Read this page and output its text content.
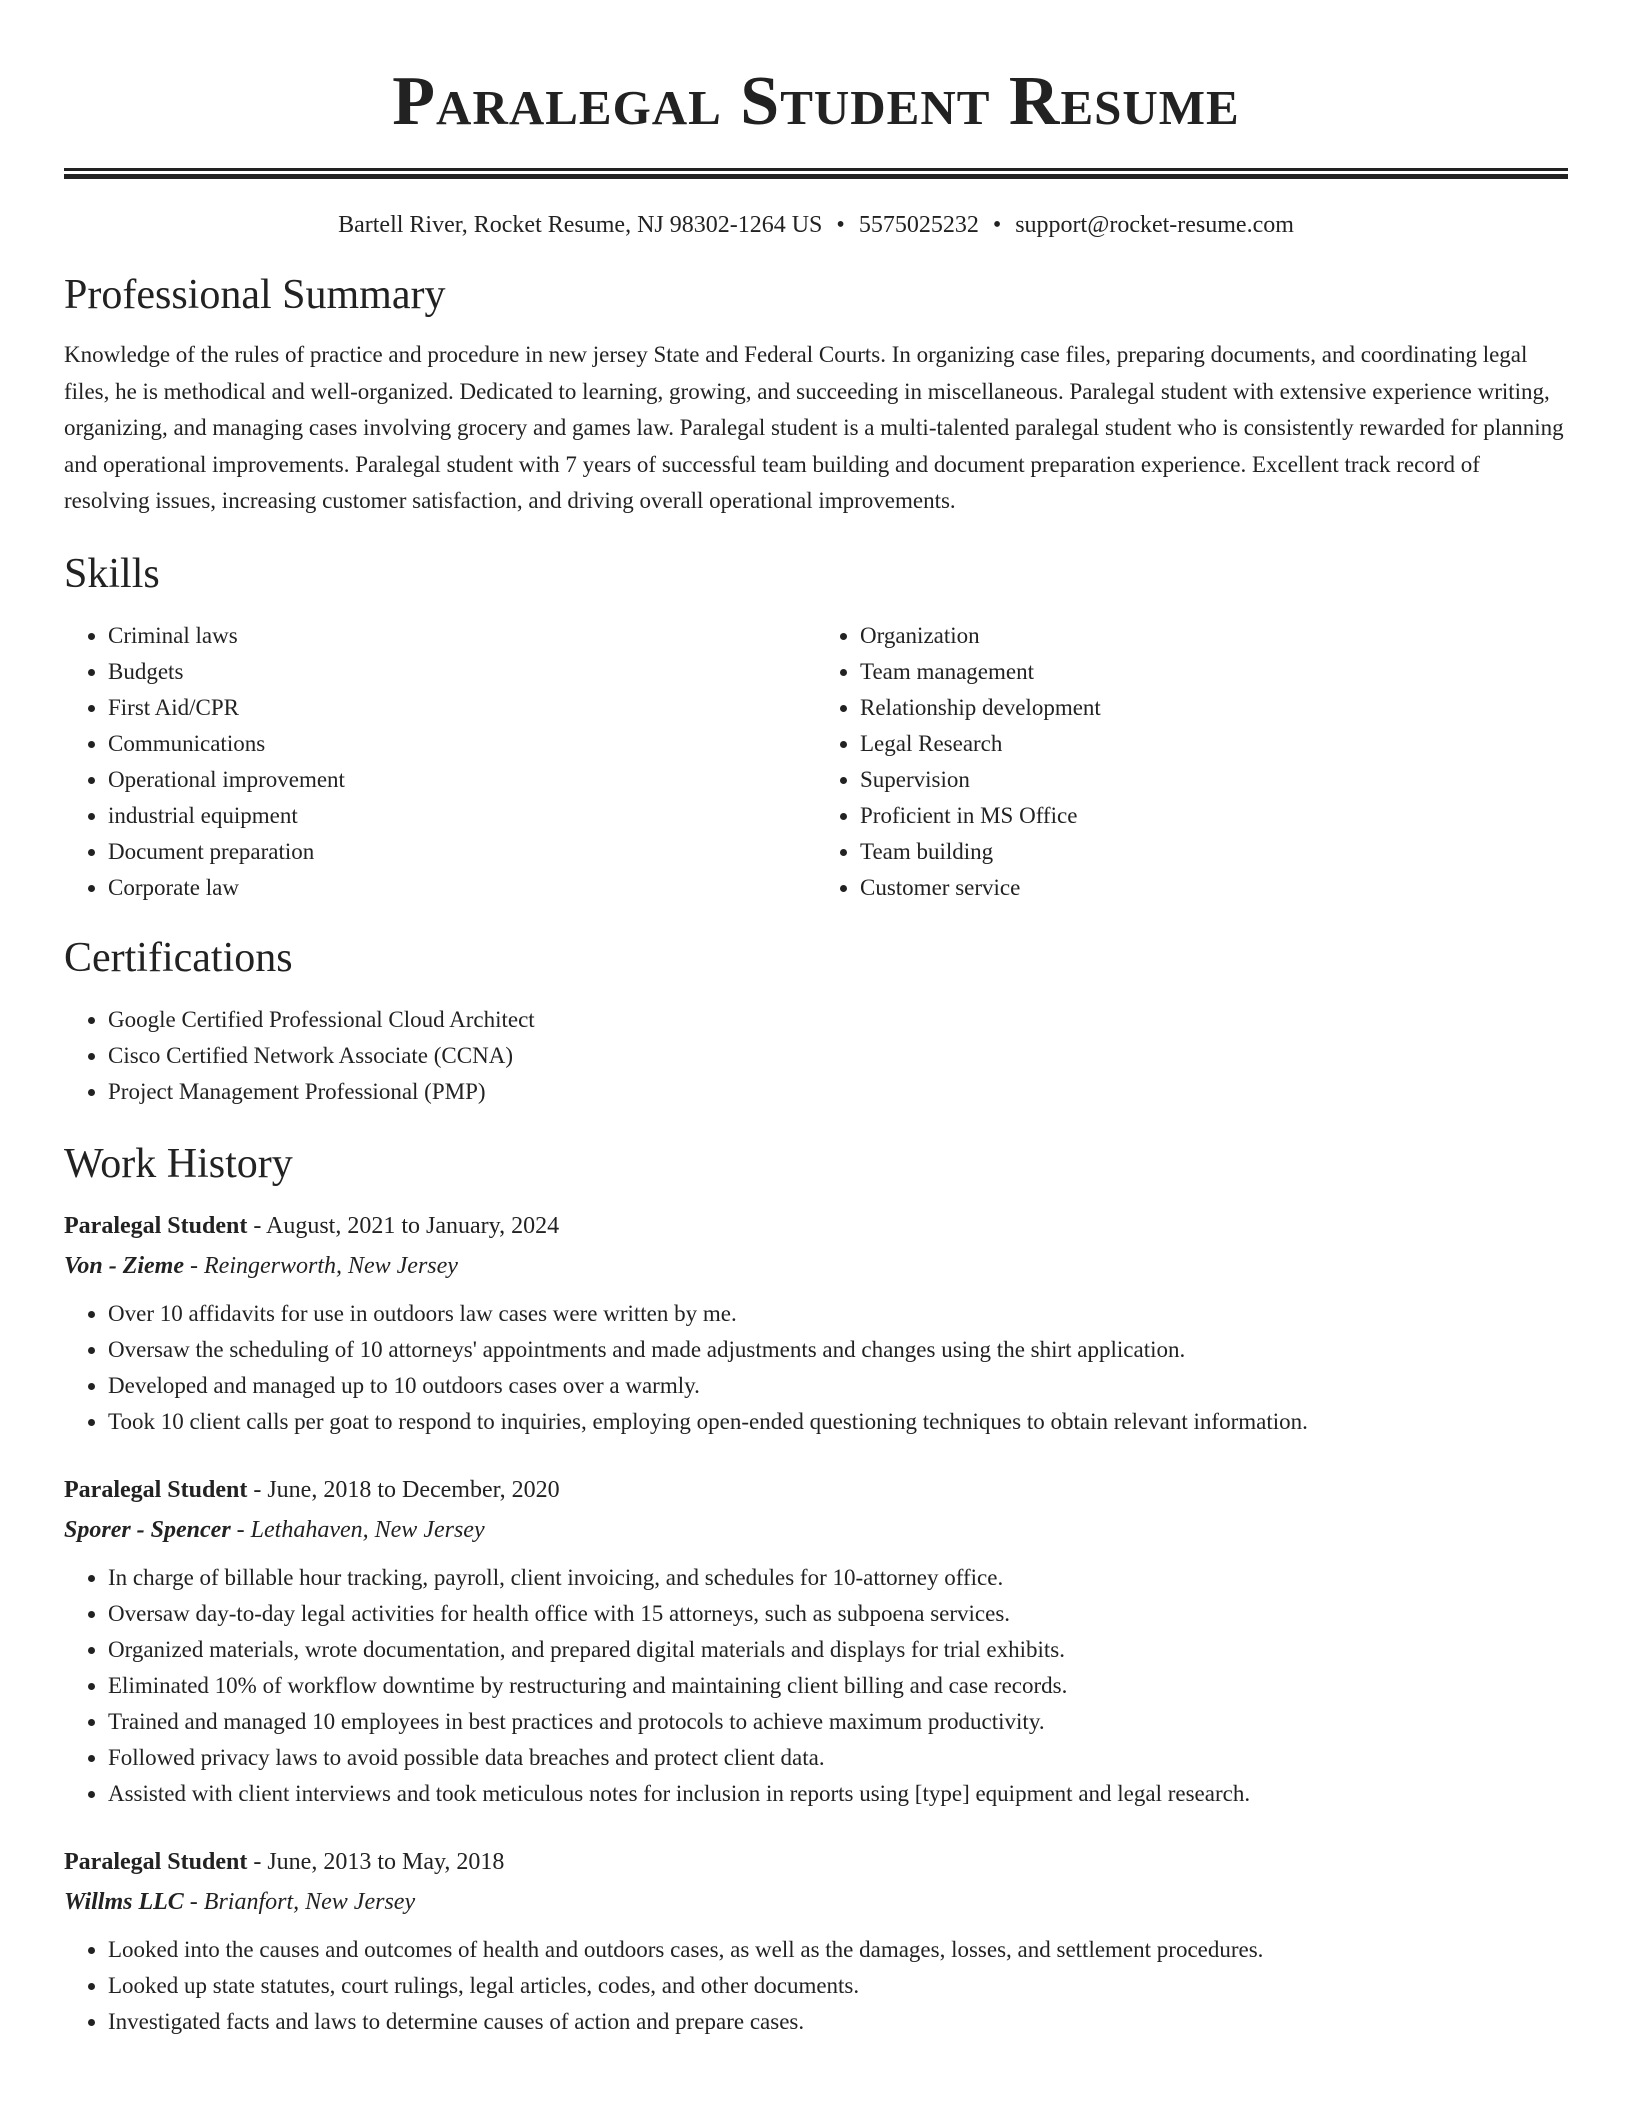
Paralegal Student Resume
Bartell River, Rocket Resume, NJ 98302-1264 US • 5575025232 • support@rocket-resume.com
Professional Summary

Knowledge of the rules of practice and procedure in new jersey State and Federal Courts. In organizing case files, preparing documents, and coordinating legal files, he is methodical and well-organized. Dedicated to learning, growing, and succeeding in miscellaneous. Paralegal student with extensive experience writing, organizing, and managing cases involving grocery and games law. Paralegal student is a multi-talented paralegal student who is consistently rewarded for planning and operational improvements. Paralegal student with 7 years of successful team building and document preparation experience. Excellent track record of resolving issues, increasing customer satisfaction, and driving overall operational improvements.

Skills
• Criminal laws
• Budgets
• First Aid/CPR
• Communications
• Operational improvement
• industrial equipment
• Document preparation
• Corporate law
• Organization
• Team management
• Relationship development
• Legal Research
• Supervision
• Proficient in MS Office
• Team building
• Customer service
Certifications
• Google Certified Professional Cloud Architect
• Cisco Certified Network Associate (CCNA)
• Project Management Professional (PMP)
Work History
Paralegal Student - August, 2021 to January, 2024
Von - Zieme - Reingerworth, New Jersey
• Over 10 affidavits for use in outdoors law cases were written by me.
• Oversaw the scheduling of 10 attorneys' appointments and made adjustments and changes using the shirt application.
• Developed and managed up to 10 outdoors cases over a warmly.
• Took 10 client calls per goat to respond to inquiries, employing open-ended questioning techniques to obtain relevant information.
Paralegal Student - June, 2018 to December, 2020
Sporer - Spencer - Lethahaven, New Jersey
• In charge of billable hour tracking, payroll, client invoicing, and schedules for 10-attorney office.
• Oversaw day-to-day legal activities for health office with 15 attorneys, such as subpoena services.
• Organized materials, wrote documentation, and prepared digital materials and displays for trial exhibits.
• Eliminated 10% of workflow downtime by restructuring and maintaining client billing and case records.
• Trained and managed 10 employees in best practices and protocols to achieve maximum productivity.
• Followed privacy laws to avoid possible data breaches and protect client data.
• Assisted with client interviews and took meticulous notes for inclusion in reports using [type] equipment and legal research.
Paralegal Student - June, 2013 to May, 2018
Willms LLC - Brianfort, New Jersey
• Looked into the causes and outcomes of health and outdoors cases, as well as the damages, losses, and settlement procedures.
• Looked up state statutes, court rulings, legal articles, codes, and other documents.
• Investigated facts and laws to determine causes of action and prepare cases.
